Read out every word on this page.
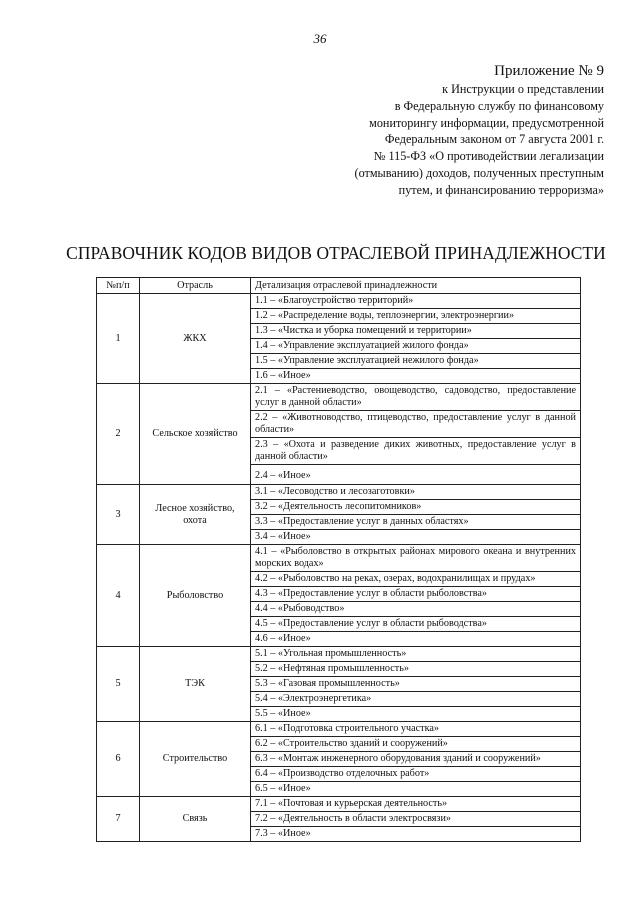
36
Приложение № 9
к Инструкции о представлении
в Федеральную службу по финансовому
мониторингу информации, предусмотренной
Федеральным законом от 7 августа 2001 г.
№ 115-ФЗ «О противодействии легализации
(отмыванию) доходов, полученных преступным
путем, и финансированию терроризма»
СПРАВОЧНИК КОДОВ ВИДОВ ОТРАСЛЕВОЙ ПРИНАДЛЕЖНОСТИ
№п/п	Отрасль	Детализация отраслевой принадлежности
1	ЖКХ	1.1 – «Благоустройство территорий»
		1.2 – «Распределение воды, теплоэнергии, электроэнергии»
		1.3 – «Чистка и уборка помещений и территории»
		1.4 – «Управление эксплуатацией жилого фонда»
		1.5 – «Управление эксплуатацией нежилого фонда»
		1.6 – «Иное»
2	Сельское хозяйство	2.1 – «Растениеводство, овощеводство, садоводство, предоставление услуг в данной области»
		2.2 – «Животноводство, птицеводство, предоставление услуг в данной области»
		2.3 – «Охота и разведение диких животных, предоставление услуг в данной области»
		2.4 – «Иное»
3	Лесное хозяйство, охота	3.1 – «Лесоводство и лесозаготовки»
		3.2 – «Деятельность лесопитомников»
		3.3 – «Предоставление услуг в данных областях»
		3.4 – «Иное»
4	Рыболовство	4.1 – «Рыболовство в открытых районах мирового океана и внутренних морских водах»
		4.2 – «Рыболовство на реках, озерах, водохранилищах и прудах»
		4.3 – «Предоставление услуг в области рыболовства»
		4.4 – «Рыбоводство»
		4.5 – «Предоставление услуг в области рыбоводства»
		4.6 – «Иное»
5	ТЭК	5.1 – «Угольная промышленность»
		5.2 – «Нефтяная промышленность»
		5.3 – «Газовая промышленность»
		5.4 – «Электроэнергетика»
		5.5 – «Иное»
6	Строительство	6.1 – «Подготовка строительного участка»
		6.2 – «Строительство зданий и сооружений»
		6.3 – «Монтаж инженерного оборудования зданий и сооружений»
		6.4 – «Производство отделочных работ»
		6.5 – «Иное»
7	Связь	7.1 – «Почтовая и курьерская деятельность»
		7.2 – «Деятельность в области электросвязи»
		7.3 – «Иное»
